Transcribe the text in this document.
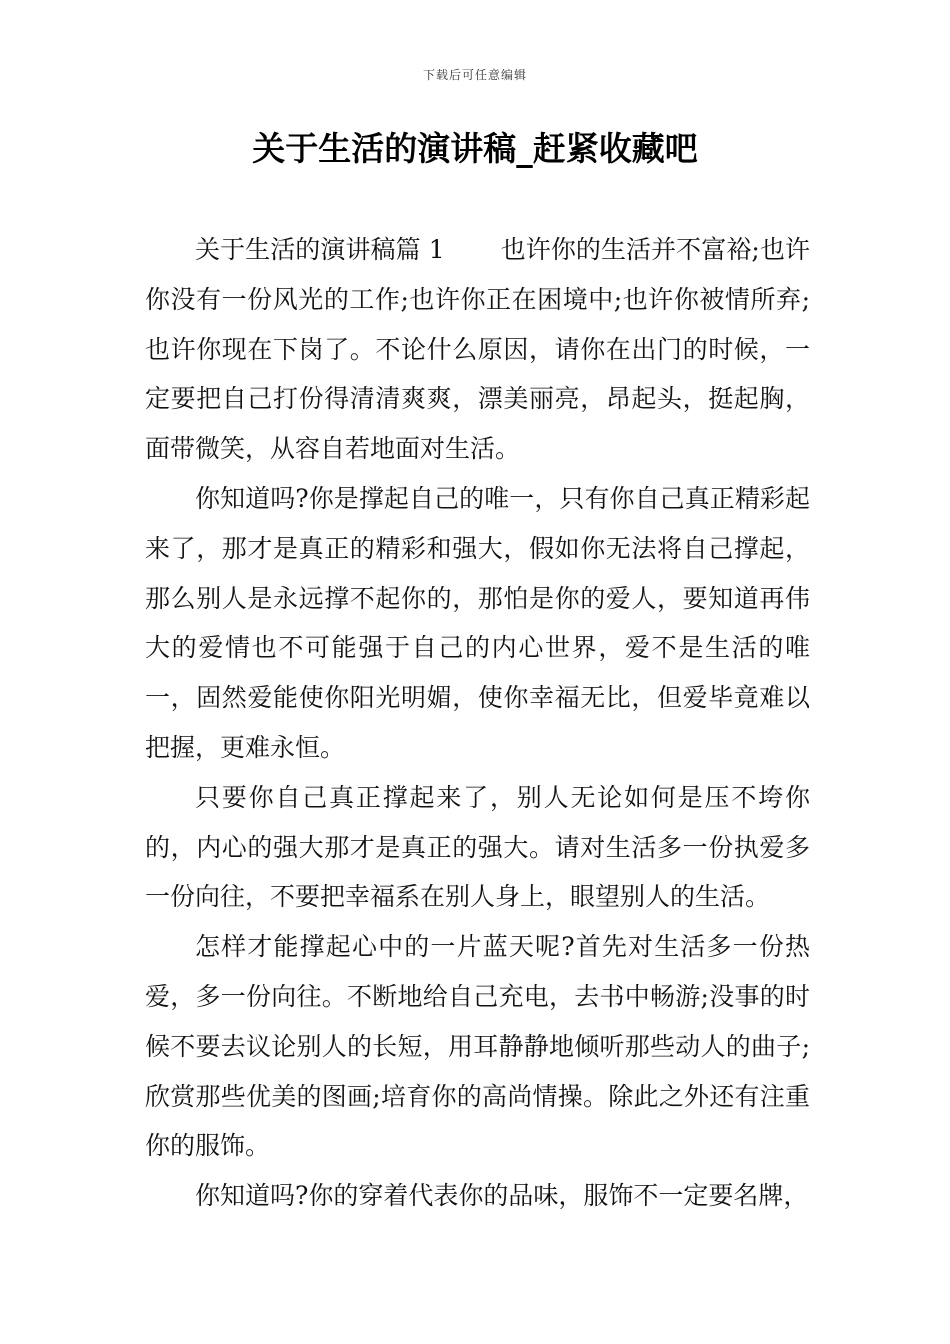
下载后可任意编辑
关于生活的演讲稿_赶紧收藏吧

关于生活的演讲稿篇 1 也许你的生活并不富裕;也许你没有一份风光的工作;也许你正在困境中;也许你被情所弃;也许你现在下岗了。不论什么原因，请你在出门的时候，一定要把自己打份得清清爽爽，漂美丽亮，昂起头，挺起胸，面带微笑，从容自若地面对生活。

你知道吗?你是撑起自己的唯一，只有你自己真正精彩起来了，那才是真正的精彩和强大，假如你无法将自己撑起，那么别人是永远撑不起你的，那怕是你的爱人，要知道再伟大的爱情也不可能强于自己的内心世界，爱不是生活的唯一，固然爱能使你阳光明媚，使你幸福无比，但爱毕竟难以把握，更难永恒。

只要你自己真正撑起来了，别人无论如何是压不垮你的，内心的强大那才是真正的强大。请对生活多一份执爱多一份向往，不要把幸福系在别人身上，眼望别人的生活。

怎样才能撑起心中的一片蓝天呢?首先对生活多一份热爱，多一份向往。不断地给自己充电，去书中畅游;没事的时候不要去议论别人的长短，用耳静静地倾听那些动人的曲子;欣赏那些优美的图画;培育你的高尚情操。除此之外还有注重你的服饰。

你知道吗?你的穿着代表你的品味，服饰不一定要名牌，
